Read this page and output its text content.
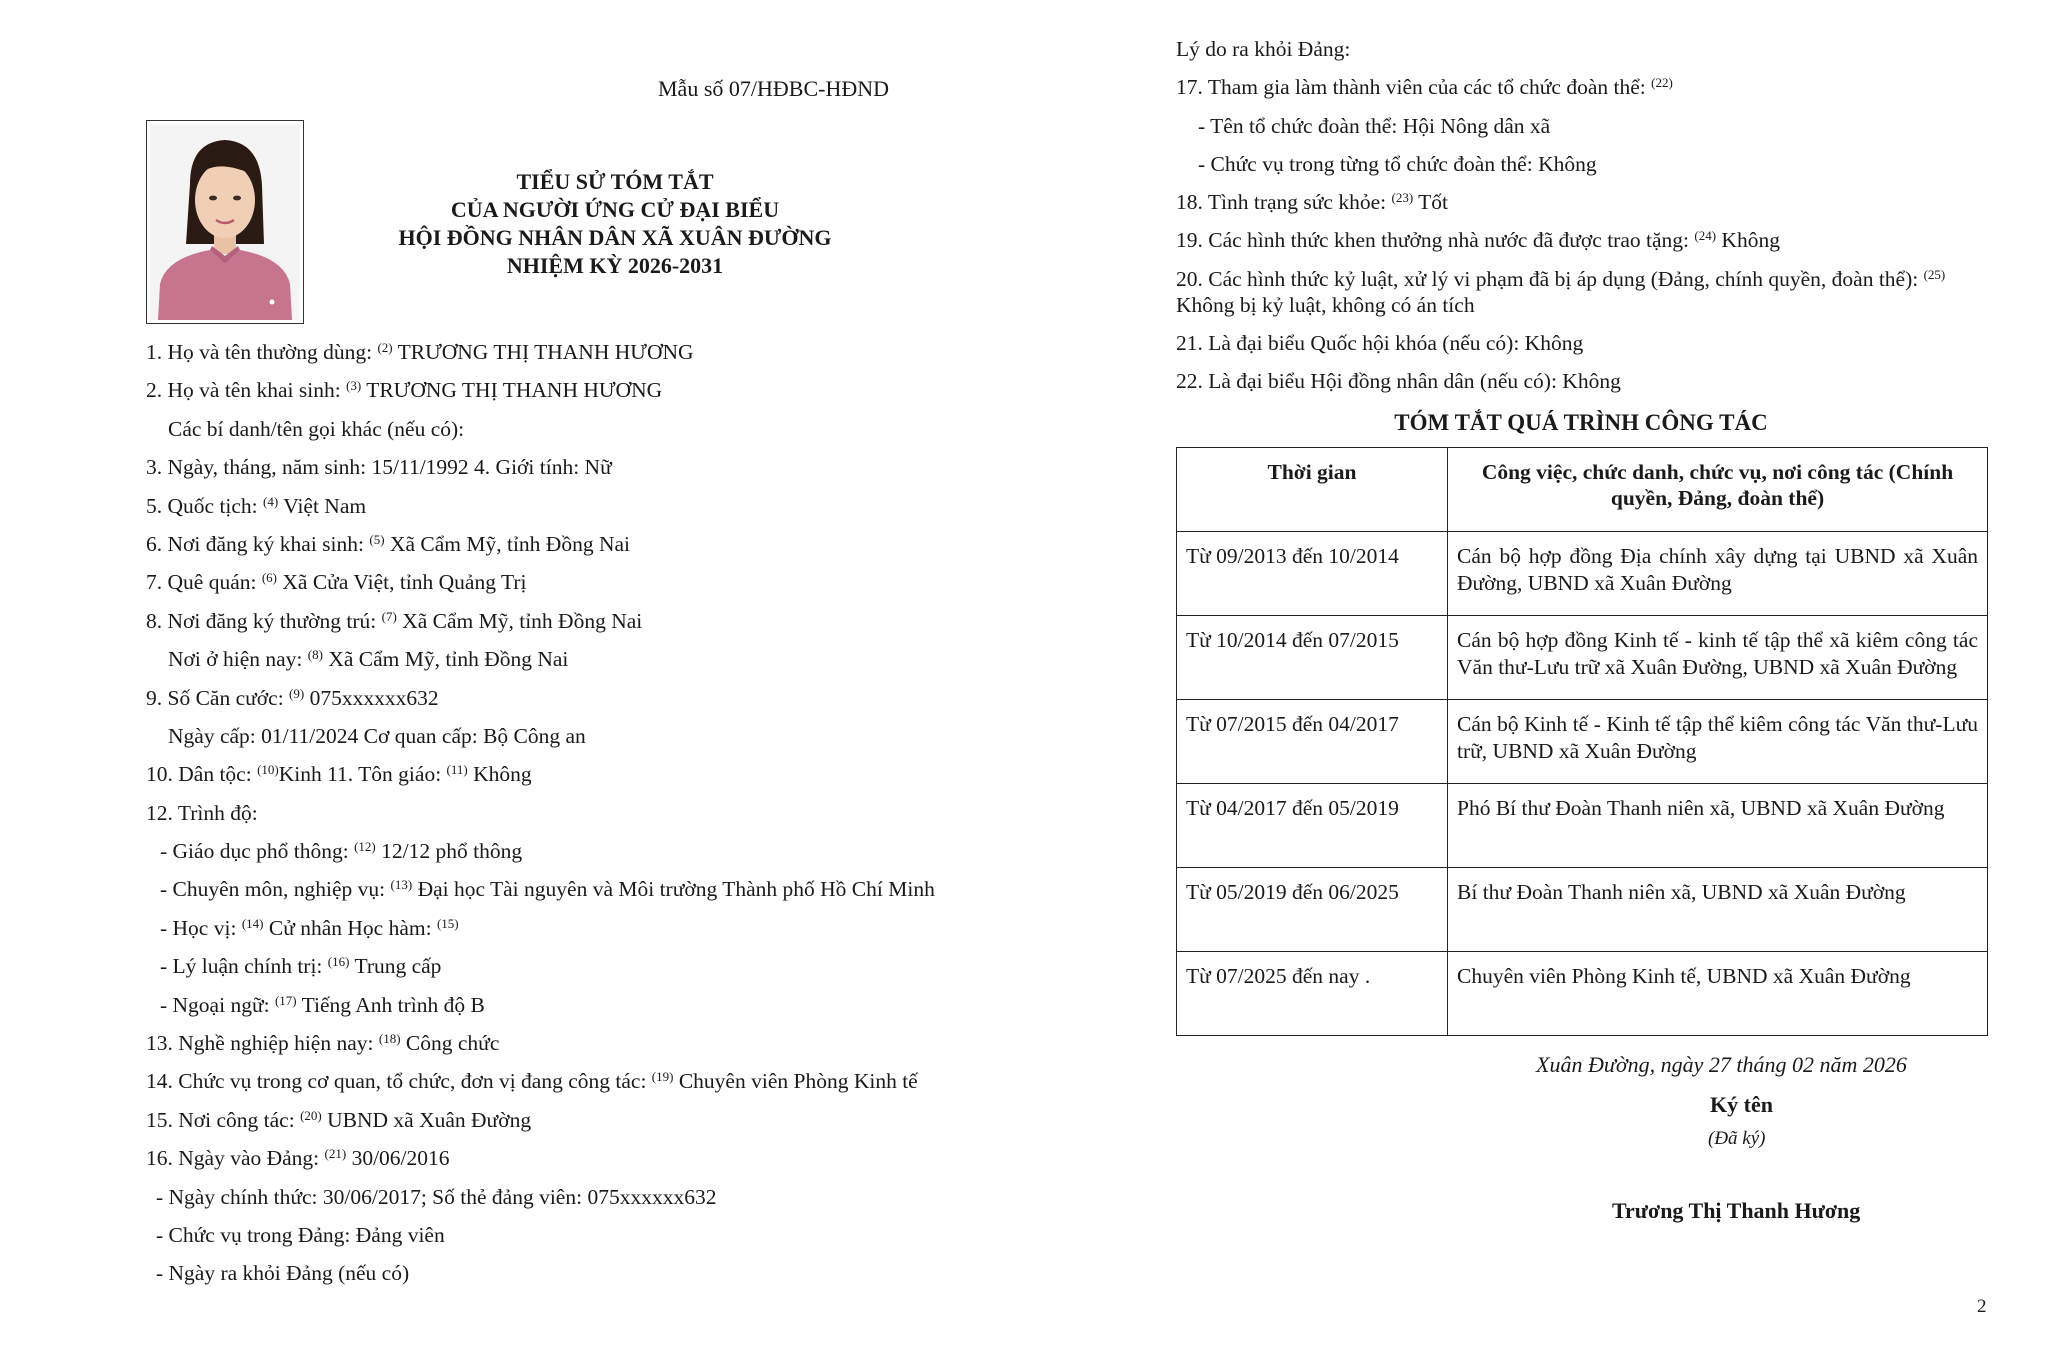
Mẫu số 07/HĐBC-HĐND
TIỂU SỬ TÓM TẮT
CỦA NGƯỜI ỨNG CỬ ĐẠI BIỂU
HỘI ĐỒNG NHÂN DÂN XÃ XUÂN ĐƯỜNG
NHIỆM KỲ 2026-2031
1. Họ và tên thường dùng: $^{(2)}$ TRƯƠNG THỊ THANH HƯƠNG
2. Họ và tên khai sinh: $^{(3)}$ TRƯƠNG THỊ THANH HƯƠNG
Các bí danh/tên gọi khác (nếu có):
3. Ngày, tháng, năm sinh: 15/11/1992 4. Giới tính: Nữ
5. Quốc tịch: $^{(4)}$ Việt Nam
6. Nơi đăng ký khai sinh: $^{(5)}$ Xã Cẩm Mỹ, tỉnh Đồng Nai
7. Quê quán: $^{(6)}$ Xã Cửa Việt, tỉnh Quảng Trị
8. Nơi đăng ký thường trú: $^{(7)}$ Xã Cẩm Mỹ, tỉnh Đồng Nai
Nơi ở hiện nay: $^{(8)}$ Xã Cẩm Mỹ, tỉnh Đồng Nai
9. Số Căn cước: $^{(9)}$ 075xxxxxx632
Ngày cấp: 01/11/2024 Cơ quan cấp: Bộ Công an
10. Dân tộc: $^{(10)}$Kinh 11. Tôn giáo: $^{(11)}$ Không
12. Trình độ:
- Giáo dục phổ thông: $^{(12)}$ 12/12 phổ thông
- Chuyên môn, nghiệp vụ: $^{(13)}$ Đại học Tài nguyên và Môi trường Thành phố Hồ Chí Minh
- Học vị: $^{(14)}$ Cử nhân Học hàm: $^{(15)}$
- Lý luận chính trị: $^{(16)}$ Trung cấp
- Ngoại ngữ: $^{(17)}$ Tiếng Anh trình độ B
13. Nghề nghiệp hiện nay: $^{(18)}$ Công chức
14. Chức vụ trong cơ quan, tổ chức, đơn vị đang công tác: $^{(19)}$ Chuyên viên Phòng Kinh tế
15. Nơi công tác: $^{(20)}$ UBND xã Xuân Đường
16. Ngày vào Đảng: $^{(21)}$ 30/06/2016
- Ngày chính thức: 30/06/2017; Số thẻ đảng viên: 075xxxxxx632
- Chức vụ trong Đảng: Đảng viên
- Ngày ra khỏi Đảng (nếu có)
Lý do ra khỏi Đảng:
17. Tham gia làm thành viên của các tổ chức đoàn thể: $^{(22)}$
- Tên tổ chức đoàn thể: Hội Nông dân xã
- Chức vụ trong từng tổ chức đoàn thể: Không
18. Tình trạng sức khỏe: $^{(23)}$ Tốt
19. Các hình thức khen thưởng nhà nước đã được trao tặng: $^{(24)}$ Không
20. Các hình thức kỷ luật, xử lý vi phạm đã bị áp dụng (Đảng, chính quyền, đoàn thể): $^{(25)}$ Không bị kỷ luật, không có án tích
21. Là đại biểu Quốc hội khóa (nếu có): Không
22. Là đại biểu Hội đồng nhân dân (nếu có): Không
TÓM TẮT QUÁ TRÌNH CÔNG TÁC
Thời gian	Công việc, chức danh, chức vụ, nơi công tác (Chính quyền, Đảng, đoàn thể)
Từ 09/2013 đến 10/2014	Cán bộ hợp đồng Địa chính xây dựng tại UBND xã Xuân Đường, UBND xã Xuân Đường
Từ 10/2014 đến 07/2015	Cán bộ hợp đồng Kinh tế - kinh tế tập thể xã kiêm công tác Văn thư-Lưu trữ xã Xuân Đường, UBND xã Xuân Đường
Từ 07/2015 đến 04/2017	Cán bộ Kinh tế - Kinh tế tập thể kiêm công tác Văn thư-Lưu trữ, UBND xã Xuân Đường
Từ 04/2017 đến 05/2019	Phó Bí thư Đoàn Thanh niên xã, UBND xã Xuân Đường
Từ 05/2019 đến 06/2025	Bí thư Đoàn Thanh niên xã, UBND xã Xuân Đường
Từ 07/2025 đến nay .	Chuyên viên Phòng Kinh tế, UBND xã Xuân Đường
Xuân Đường, ngày 27 tháng 02 năm 2026
Ký tên
(Đã ký)
Trương Thị Thanh Hương
2
